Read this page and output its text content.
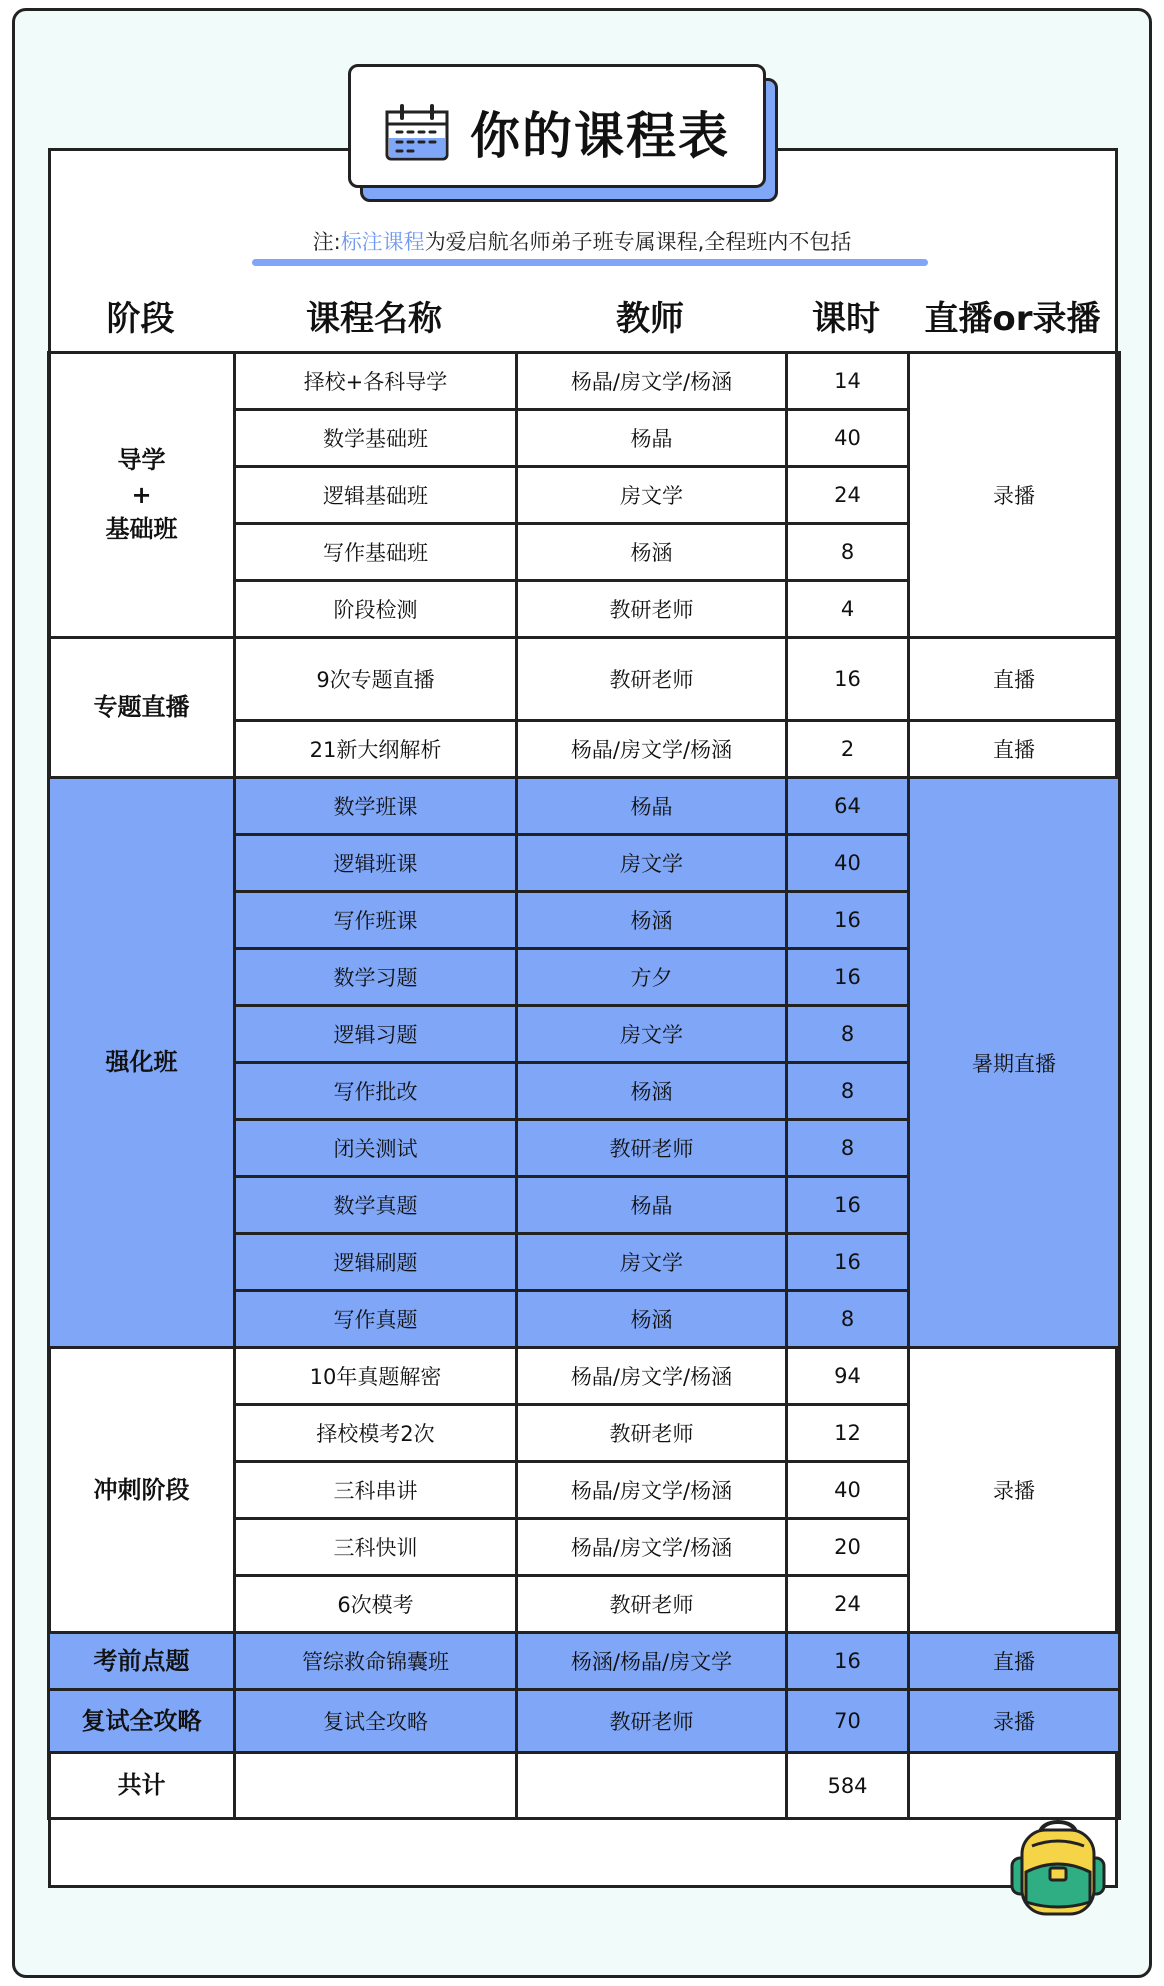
你的课程表
注:标注课程为爱启航名师弟子班专属课程,全程班内不包括
阶段	课程名称	教师	课时	直播or录播
导学
+
基础班	择校+各科导学	杨晶/房文学/杨涵	14	录播
	数学基础班	杨晶	40	
	逻辑基础班	房文学	24	
	写作基础班	杨涵	8	
	阶段检测	教研老师	4	
专题直播	9次专题直播	教研老师	16	直播
	21新大纲解析	杨晶/房文学/杨涵	2	直播
强化班	数学班课	杨晶	64	暑期直播
	逻辑班课	房文学	40	
	写作班课	杨涵	16	
	数学习题	方夕	16	
	逻辑习题	房文学	8	
	写作批改	杨涵	8	
	闭关测试	教研老师	8	
	数学真题	杨晶	16	
	逻辑刷题	房文学	16	
	写作真题	杨涵	8	
冲刺阶段	10年真题解密	杨晶/房文学/杨涵	94	录播
	择校模考2次	教研老师	12	
	三科串讲	杨晶/房文学/杨涵	40	
	三科快训	杨晶/房文学/杨涵	20	
	6次模考	教研老师	24	
考前点题	管综救命锦囊班	杨涵/杨晶/房文学	16	直播
复试全攻略	复试全攻略	教研老师	70	录播
共计			584	
